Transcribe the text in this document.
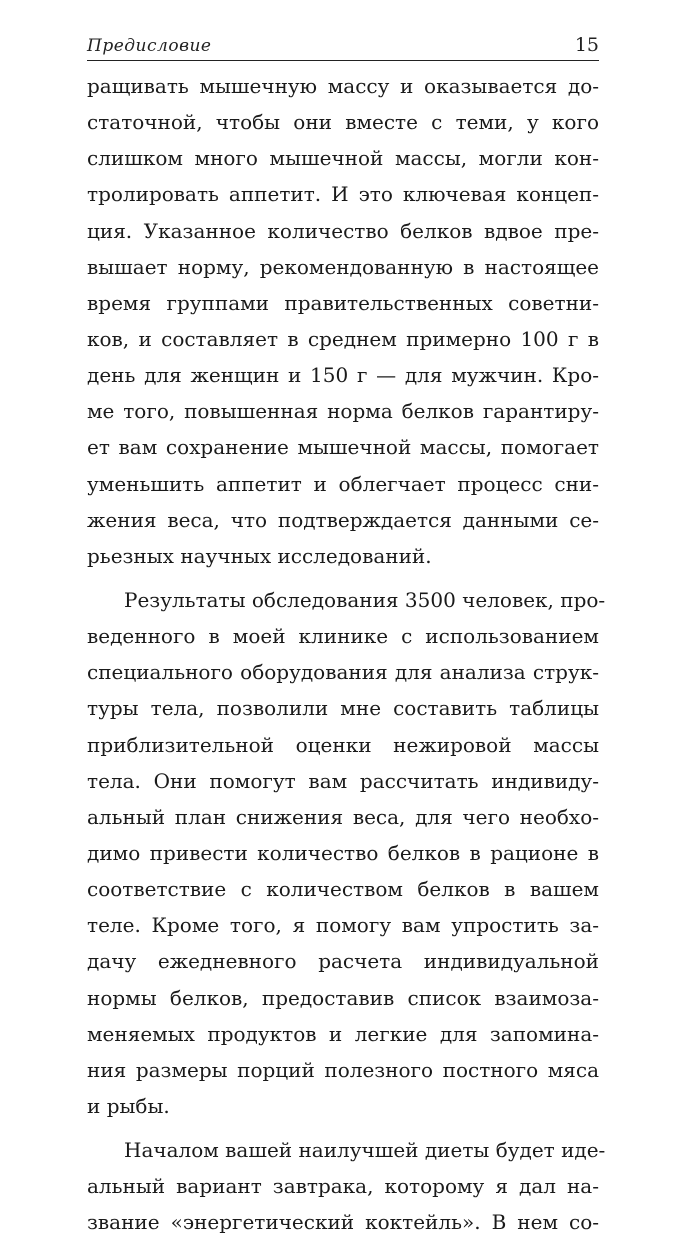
Предисловие	15
ращивать мышечную массу и оказывается до-
статочной, чтобы они вместе с теми, у кого
слишком много мышечной массы, могли кон-
тролировать аппетит. И это ключевая концеп-
ция. Указанное количество белков вдвое пре-
вышает норму, рекомендованную в настоящее
время группами правительственных советни-
ков, и составляет в среднем примерно 100 г в
день для женщин и 150 г — для мужчин. Кро-
ме того, повышенная норма белков гарантиру-
ет вам сохранение мышечной массы, помогает
уменьшить аппетит и облегчает процесс сни-
жения веса, что подтверждается данными се-
рьезных научных исследований.
Результаты обследования 3500 человек, про-
веденного в моей клинике с использованием
специального оборудования для анализа струк-
туры тела, позволили мне составить таблицы
приблизительной оценки нежировой массы
тела. Они помогут вам рассчитать индивиду-
альный план снижения веса, для чего необхо-
димо привести количество белков в рационе в
соответствие с количеством белков в вашем
теле. Кроме того, я помогу вам упростить за-
дачу ежедневного расчета индивидуальной
нормы белков, предоставив список взаимоза-
меняемых продуктов и легкие для запомина-
ния размеры порций полезного постного мяса
и рыбы.
Началом вашей наилучшей диеты будет иде-
альный вариант завтрака, которому я дал на-
звание «энергетический коктейль». В нем со-
